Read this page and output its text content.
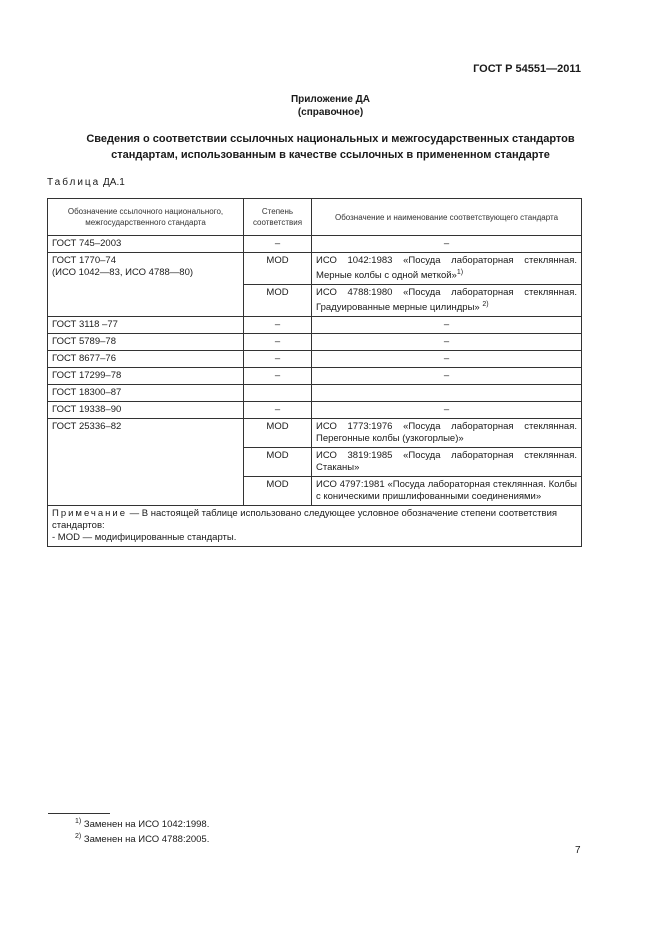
ГОСТ Р 54551—2011
Приложение ДА
(справочное)
Сведения о соответствии ссылочных национальных и межгосударственных стандартов
стандартам, использованным в качестве ссылочных в примененном стандарте
Таблица ДА.1
Обозначение ссылочного национального, межгосударственного стандарта	Степень соответствия	Обозначение и наименование соответствующего стандарта
ГОСТ 745–2003	–	–

ГОСТ 1770–74
(ИСО 1042—83, ИСО 4788—80)	MOD	ИСО 1042:1983 «Посуда лабораторная стеклянная. Мерные колбы с одной меткой»$^{1)}$
	MOD	ИСО 4788:1980 «Посуда лабораторная стеклянная. Градуированные мерные цилиндры» $^{2)}$
ГОСТ 3118 –77	–	–
ГОСТ 5789–78	–	–
ГОСТ 8677–76	–	–
ГОСТ 17299–78	–	–
ГОСТ 18300–87		
ГОСТ 19338–90	–	–
ГОСТ 25336–82	MOD	ИСО 1773:1976 «Посуда лабораторная стеклянная. Перегонные колбы (узкогорлые)»
	MOD	ИСО 3819:1985 «Посуда лабораторная стеклянная. Стаканы»
	MOD	ИСО 4797:1981 «Посуда лабораторная стеклянная. Колбы с коническими пришлифованными соединениями»
Примечание — В настоящей таблице использовано следующее условное обозначение степени соответствия стандартов:
- MOD — модифицированные стандарты.		
$^{1)}$ Заменен на ИСО 1042:1998.
$^{2)}$ Заменен на ИСО 4788:2005.
7
